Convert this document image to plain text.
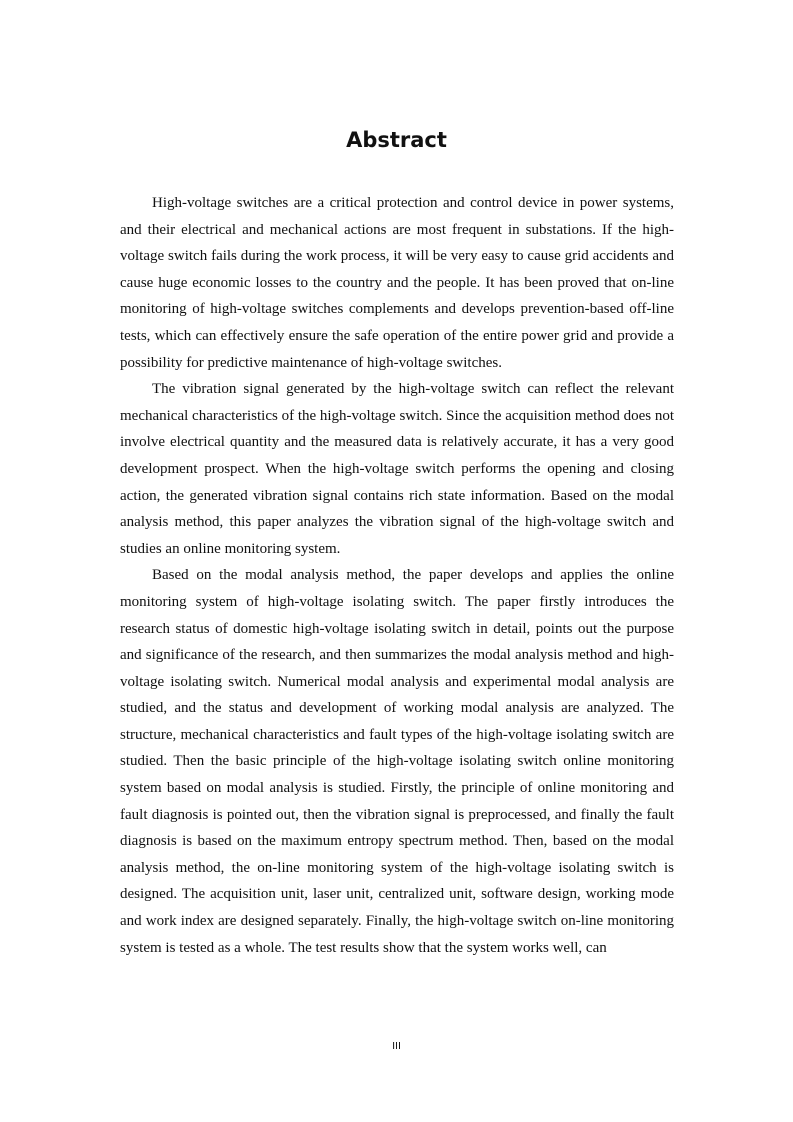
Abstract

High-voltage switches are a critical protection and control device in power systems, and their electrical and mechanical actions are most frequent in substations. If the high-voltage switch fails during the work process, it will be very easy to cause grid accidents and cause huge economic losses to the country and the people. It has been proved that on-line monitoring of high-voltage switches complements and develops prevention-based off-line tests, which can effectively ensure the safe operation of the entire power grid and provide a possibility for predictive maintenance of high-voltage switches.

The vibration signal generated by the high-voltage switch can reflect the relevant mechanical characteristics of the high-voltage switch. Since the acquisition method does not involve electrical quantity and the measured data is relatively accurate, it has a very good development prospect. When the high-voltage switch performs the opening and closing action, the generated vibration signal contains rich state information. Based on the modal analysis method, this paper analyzes the vibration signal of the high-voltage switch and studies an online monitoring system.

Based on the modal analysis method, the paper develops and applies the online monitoring system of high-voltage isolating switch. The paper firstly introduces the research status of domestic high-voltage isolating switch in detail, points out the purpose and significance of the research, and then summarizes the modal analysis method and high-voltage isolating switch. Numerical modal analysis and experimental modal analysis are studied, and the status and development of working modal analysis are analyzed. The structure, mechanical characteristics and fault types of the high-voltage isolating switch are studied. Then the basic principle of the high-voltage isolating switch online monitoring system based on modal analysis is studied. Firstly, the principle of online monitoring and fault diagnosis is pointed out, then the vibration signal is preprocessed, and finally the fault diagnosis is based on the maximum entropy spectrum method. Then, based on the modal analysis method, the on-line monitoring system of the high-voltage isolating switch is designed. The acquisition unit, laser unit, centralized unit, software design, working mode and work index are designed separately. Finally, the high-voltage switch on-line monitoring system is tested as a whole. The test results show that the system works well, can

III
